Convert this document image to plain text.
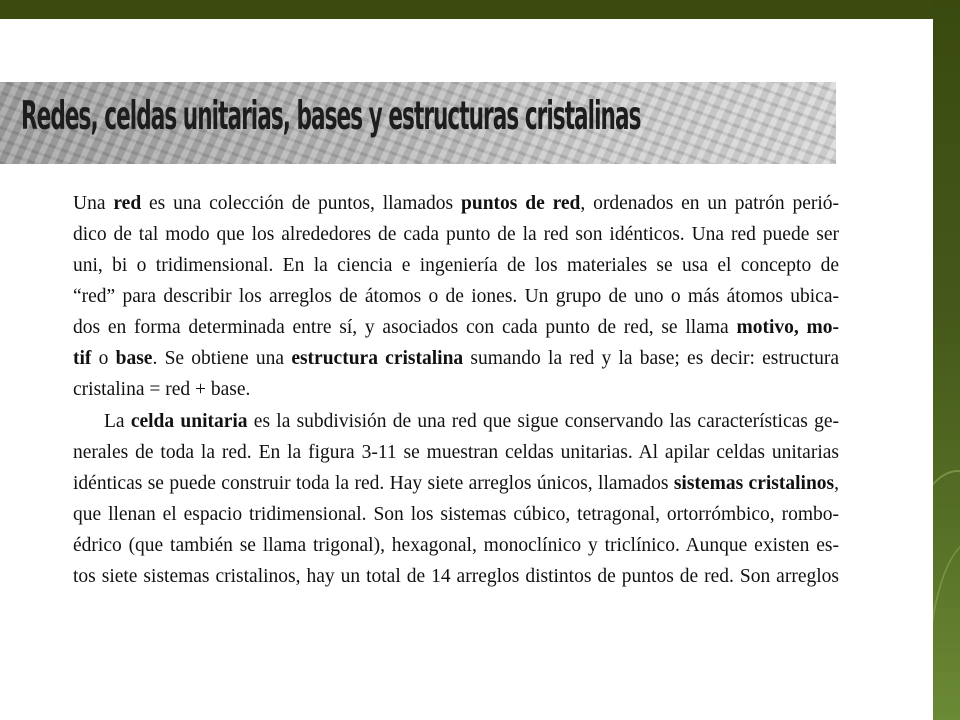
Redes, celdas unitarias, bases y estructuras cristalinas
Una red es una colección de puntos, llamados puntos de red, ordenados en un patrón perió-
dico de tal modo que los alrededores de cada punto de la red son idénticos. Una red puede ser
uni, bi o tridimensional. En la ciencia e ingeniería de los materiales se usa el concepto de
“red” para describir los arreglos de átomos o de iones. Un grupo de uno o más átomos ubica-
dos en forma determinada entre sí, y asociados con cada punto de red, se llama motivo, mo-
tif o base. Se obtiene una estructura cristalina sumando la red y la base; es decir: estructura
cristalina = red + base.
La celda unitaria es la subdivisión de una red que sigue conservando las características ge-
nerales de toda la red. En la figura 3-11 se muestran celdas unitarias. Al apilar celdas unitarias
idénticas se puede construir toda la red. Hay siete arreglos únicos, llamados sistemas cristalinos,
que llenan el espacio tridimensional. Son los sistemas cúbico, tetragonal, ortorrómbico, rombo-
édrico (que también se llama trigonal), hexagonal, monoclínico y triclínico. Aunque existen es-
tos siete sistemas cristalinos, hay un total de 14 arreglos distintos de puntos de red. Son arreglos
